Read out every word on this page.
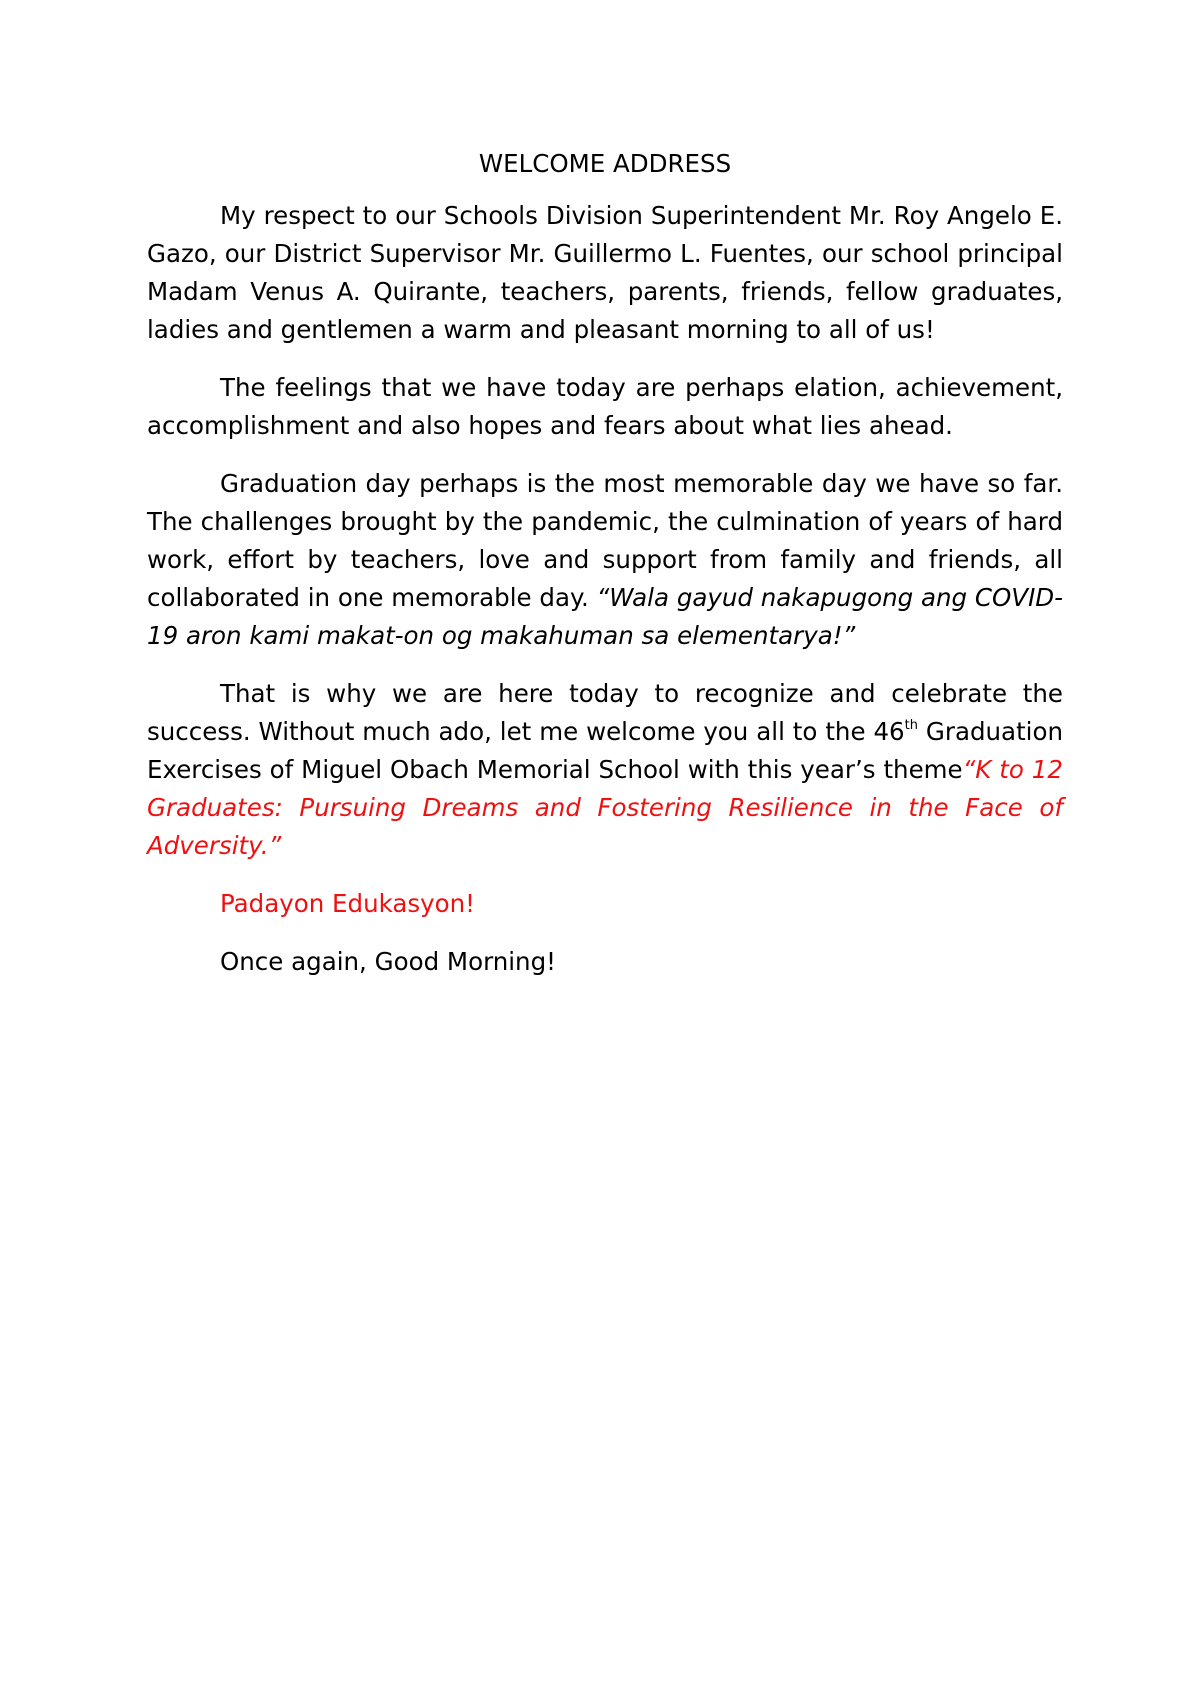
WELCOME ADDRESS

My respect to our Schools Division Superintendent Mr. Roy Angelo E. Gazo, our District Supervisor Mr. Guillermo L. Fuentes, our school principal Madam Venus A. Quirante, teachers, parents, friends, fellow graduates, ladies and gentlemen a warm and pleasant morning to all of us!

The feelings that we have today are perhaps elation, achievement, accomplishment and also hopes and fears about what lies ahead.

Graduation day perhaps is the most memorable day we have so far. The challenges brought by the pandemic, the culmination of years of hard work, effort by teachers, love and support from family and friends, all collaborated in one memorable day. “Wala gayud nakapugong ang COVID-19 aron kami makat-on og makahuman sa elementarya!”

That is why we are here today to recognize and celebrate the success. Without much ado, let me welcome you all to the 46th Graduation Exercises of Miguel Obach Memorial School with this year’s theme“K to 12 Graduates: Pursuing Dreams and Fostering Resilience in the Face of Adversity.”

Padayon Edukasyon!

Once again, Good Morning!
